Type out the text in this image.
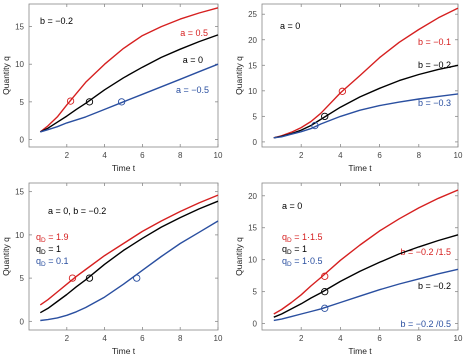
2	4	6	8	10
0
5
10
15
Time t
Quantity q
a = 0.5
a = 0
a = −0.5
b = −0.2
2	4	6	8	10
0
5
10
15
20
25
Time t
Quantity q
b = −0.1
b = −0.2
b = −0.3
a = 0
2	4	6	8	10
0
5
10
15
Time t
Quantity q
a = 0, b = −0.2
$q_D = 1.9$
$q_D = 1$
$q_D = 0.1$
2	4	6	8	10
0
5
10
15
20
Time t
Quantity q	b = −0.2 /1.5
b = −0.2
b = −0.2 /0.5
a = 0
$q_D = 1\cdot 1.5$
$q_D = 1$
$q_D = 1\cdot 0.5$
